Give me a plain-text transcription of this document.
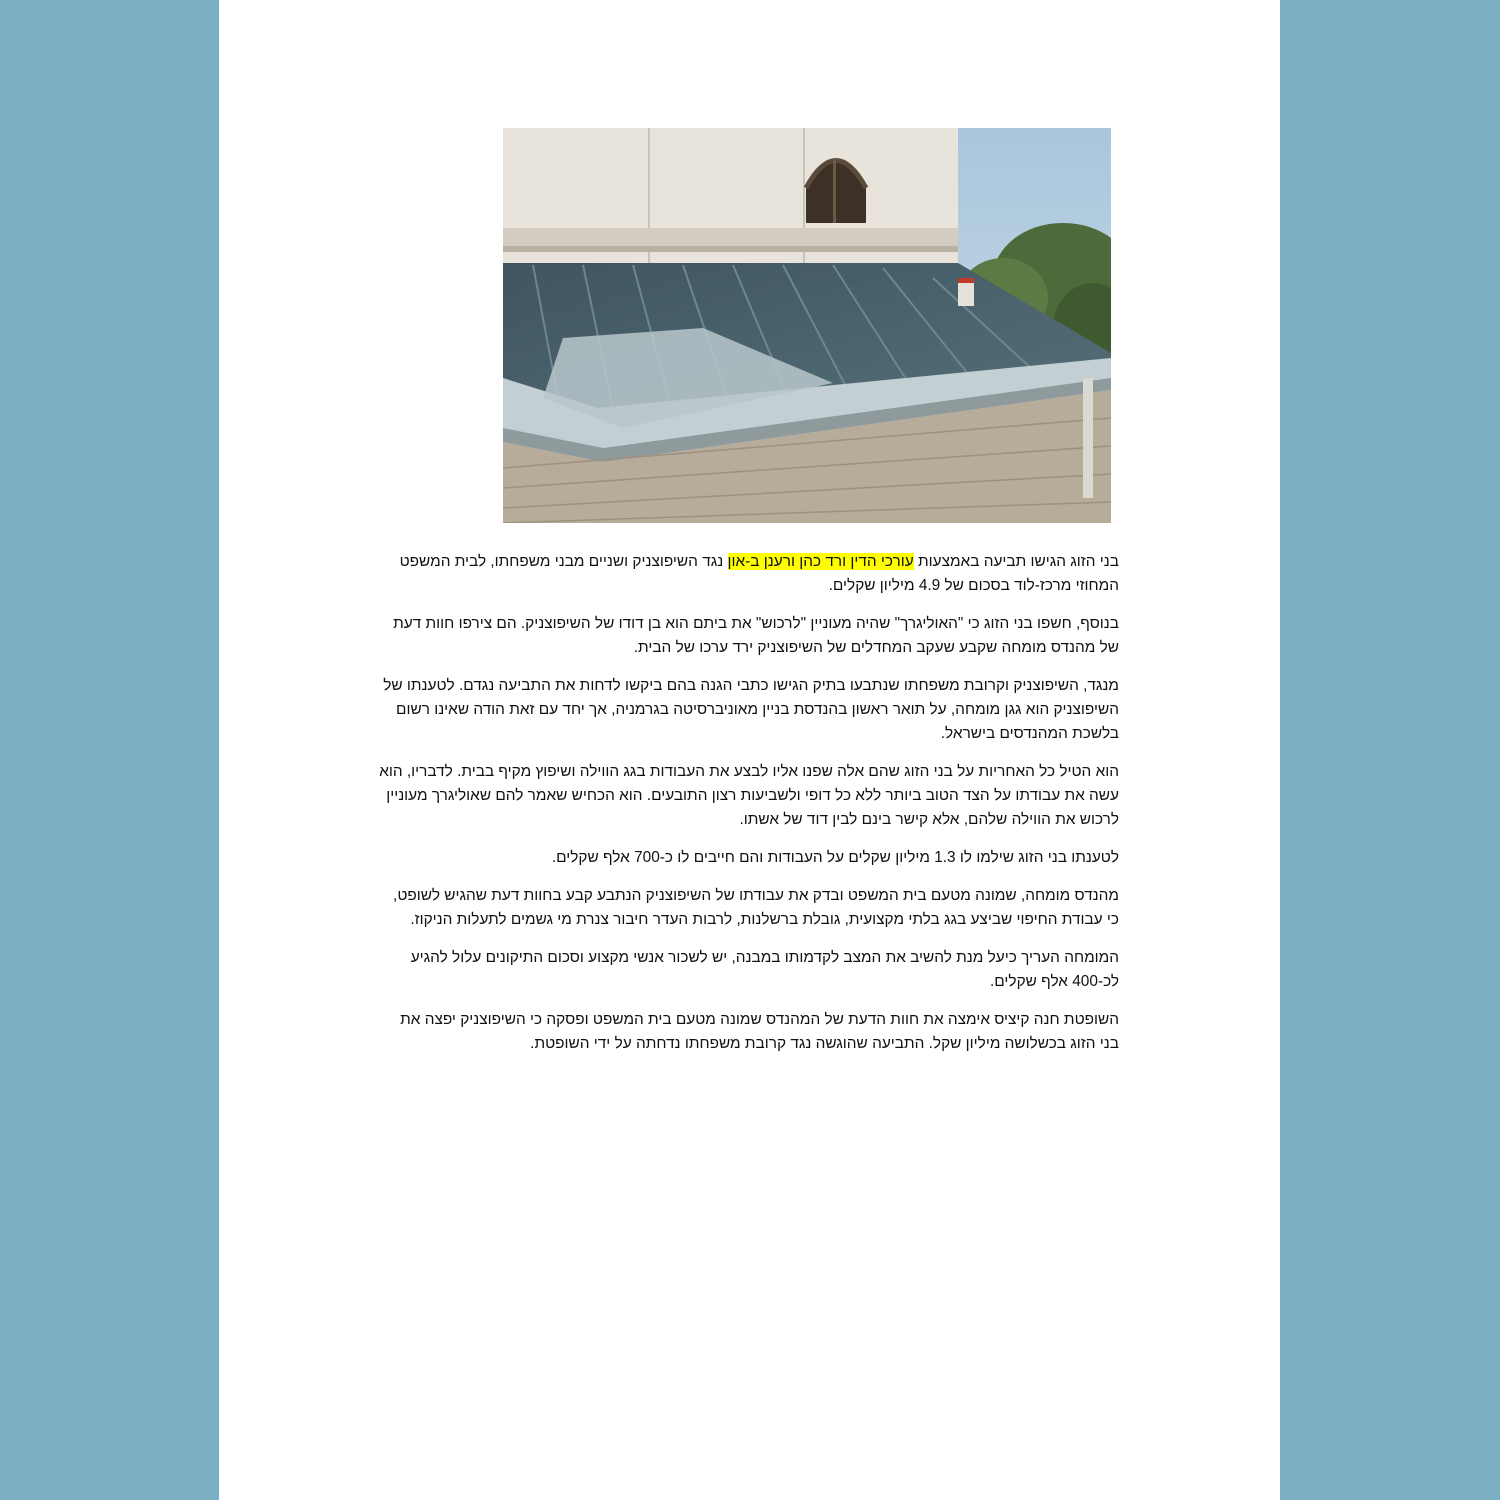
בני הזוג הגישו תביעה באמצעות עורכי הדין ורד כהן ורענן ב-און נגד השיפוצניק ושניים מבני משפחתו, לבית המשפט המחוזי מרכז-לוד בסכום של 4.9 מיליון שקלים.

בנוסף, חשפו בני הזוג כי "האוליגרך" שהיה מעוניין "לרכוש" את ביתם הוא בן דודו של השיפוצניק. הם צירפו חוות דעת של מהנדס מומחה שקבע שעקב המחדלים של השיפוצניק ירד ערכו של הבית.

מנגד, השיפוצניק וקרובת משפחתו שנתבעו בתיק הגישו כתבי הגנה בהם ביקשו לדחות את התביעה נגדם. לטענתו של השיפוצניק הוא גגן מומחה, על תואר ראשון בהנדסת בניין מאוניברסיטה בגרמניה, אך יחד עם זאת הודה שאינו רשום בלשכת המהנדסים בישראל.

הוא הטיל כל האחריות על בני הזוג שהם אלה שפנו אליו לבצע את העבודות בגג הווילה ושיפוץ מקיף בבית. לדבריו, הוא עשה את עבודתו על הצד הטוב ביותר ללא כל דופי ולשביעות רצון התובעים. הוא הכחיש שאמר להם שאוליגרך מעוניין לרכוש את הווילה שלהם, אלא קישר בינם לבין דוד של אשתו.

לטענתו בני הזוג שילמו לו 1.3 מיליון שקלים על העבודות והם חייבים לו כ-700 אלף שקלים.

מהנדס מומחה, שמונה מטעם בית המשפט ובדק את עבודתו של השיפוצניק הנתבע קבע בחוות דעת שהגיש לשופט, כי עבודת החיפוי שביצע בגג בלתי מקצועית, גובלת ברשלנות, לרבות העדר חיבור צנרת מי גשמים לתעלות הניקוז.

המומחה העריך כיעל מנת להשיב את המצב לקדמותו במבנה, יש לשכור אנשי מקצוע וסכום התיקונים עלול להגיע לכ-400 אלף שקלים.

השופטת חנה קיציס אימצה את חוות הדעת של המהנדס שמונה מטעם בית המשפט ופסקה כי השיפוצניק יפצה את בני הזוג בכשלושה מיליון שקל. התביעה שהוגשה נגד קרובת משפחתו נדחתה על ידי השופטת.
